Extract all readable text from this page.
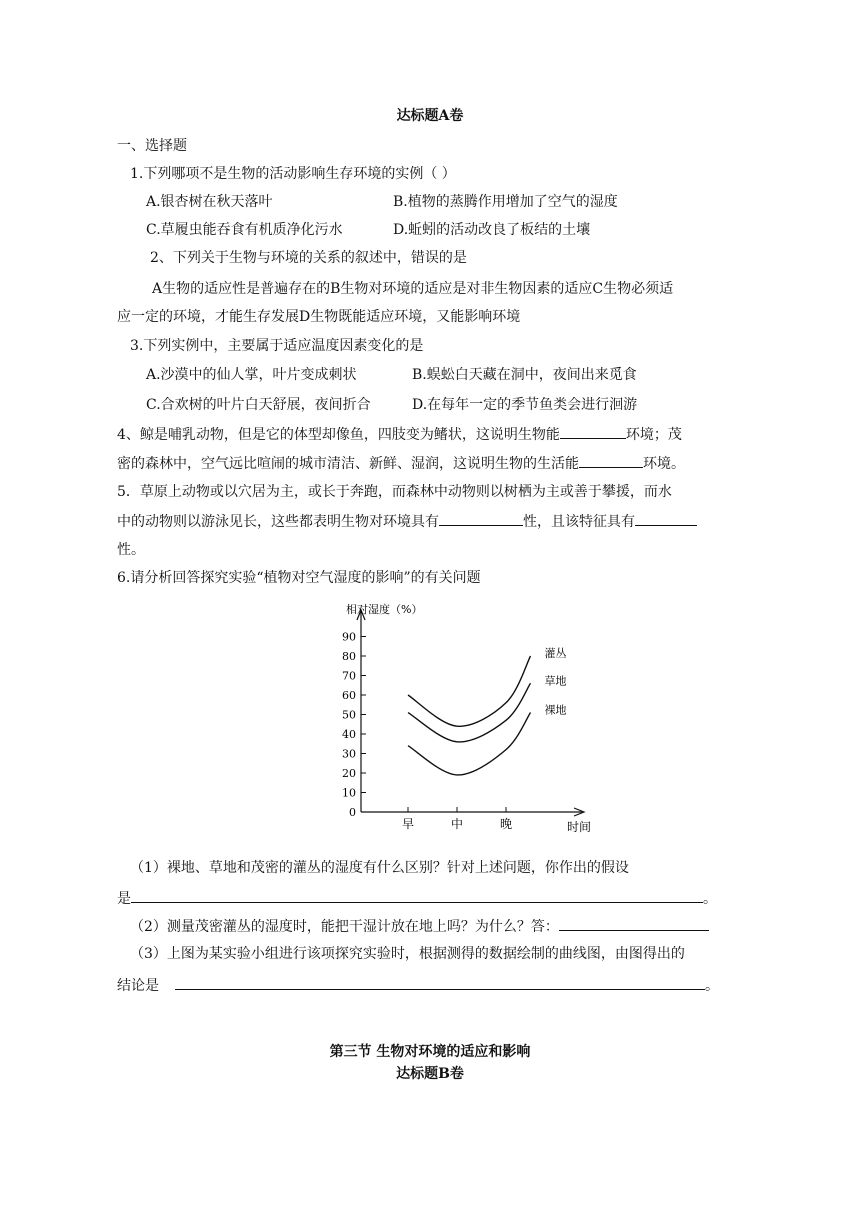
达标题A卷
一、选择题
1.下列哪项不是生物的活动影响生存环境的实例（ ）
A.银杏树在秋天落叶	B.植物的蒸腾作用增加了空气的湿度
C.草履虫能吞食有机质净化污水	D.蚯蚓的活动改良了板结的土壤
2、下列关于生物与环境的关系的叙述中，错误的是
A生物的适应性是普遍存在的B生物对环境的适应是对非生物因素的适应C生物必须适
应一定的环境，才能生存发展D生物既能适应环境，又能影响环境
3.下列实例中，主要属于适应温度因素变化的是
A.沙漠中的仙人掌，叶片变成刺状	B.蜈蚣白天藏在洞中，夜间出来觅食
C.合欢树的叶片白天舒展，夜间折合	D.在每年一定的季节鱼类会进行洄游
4、鲸是哺乳动物，但是它的体型却像鱼，四肢变为鳍状，这说明生物能	环境；茂
密的森林中，空气远比喧闹的城市清洁、新鲜、湿润，这说明生物的生活能	环境。
5．草原上动物或以穴居为主，或长于奔跑，而森林中动物则以树栖为主或善于攀援，而水
中的动物则以游泳见长，这些都表明生物对环境具有	性，且该特征具有
性。
6.请分析回答探究实验“植物对空气湿度的影响”的有关问题
0
10
20
30
40
50
60
70
80
90
早	中	晚
灌丛
草地
裸地
相对湿度（%）
时间
（1）裸地、草地和茂密的灌丛的湿度有什么区别？针对上述问题，你作出的假设
是	。
（2）测量茂密灌丛的湿度时，能把干湿计放在地上吗？为什么？答：
（3）上图为某实验小组进行该项探究实验时，根据测得的数据绘制的曲线图，由图得出的
结论是	。
第三节 生物对环境的适应和影响
达标题B卷
